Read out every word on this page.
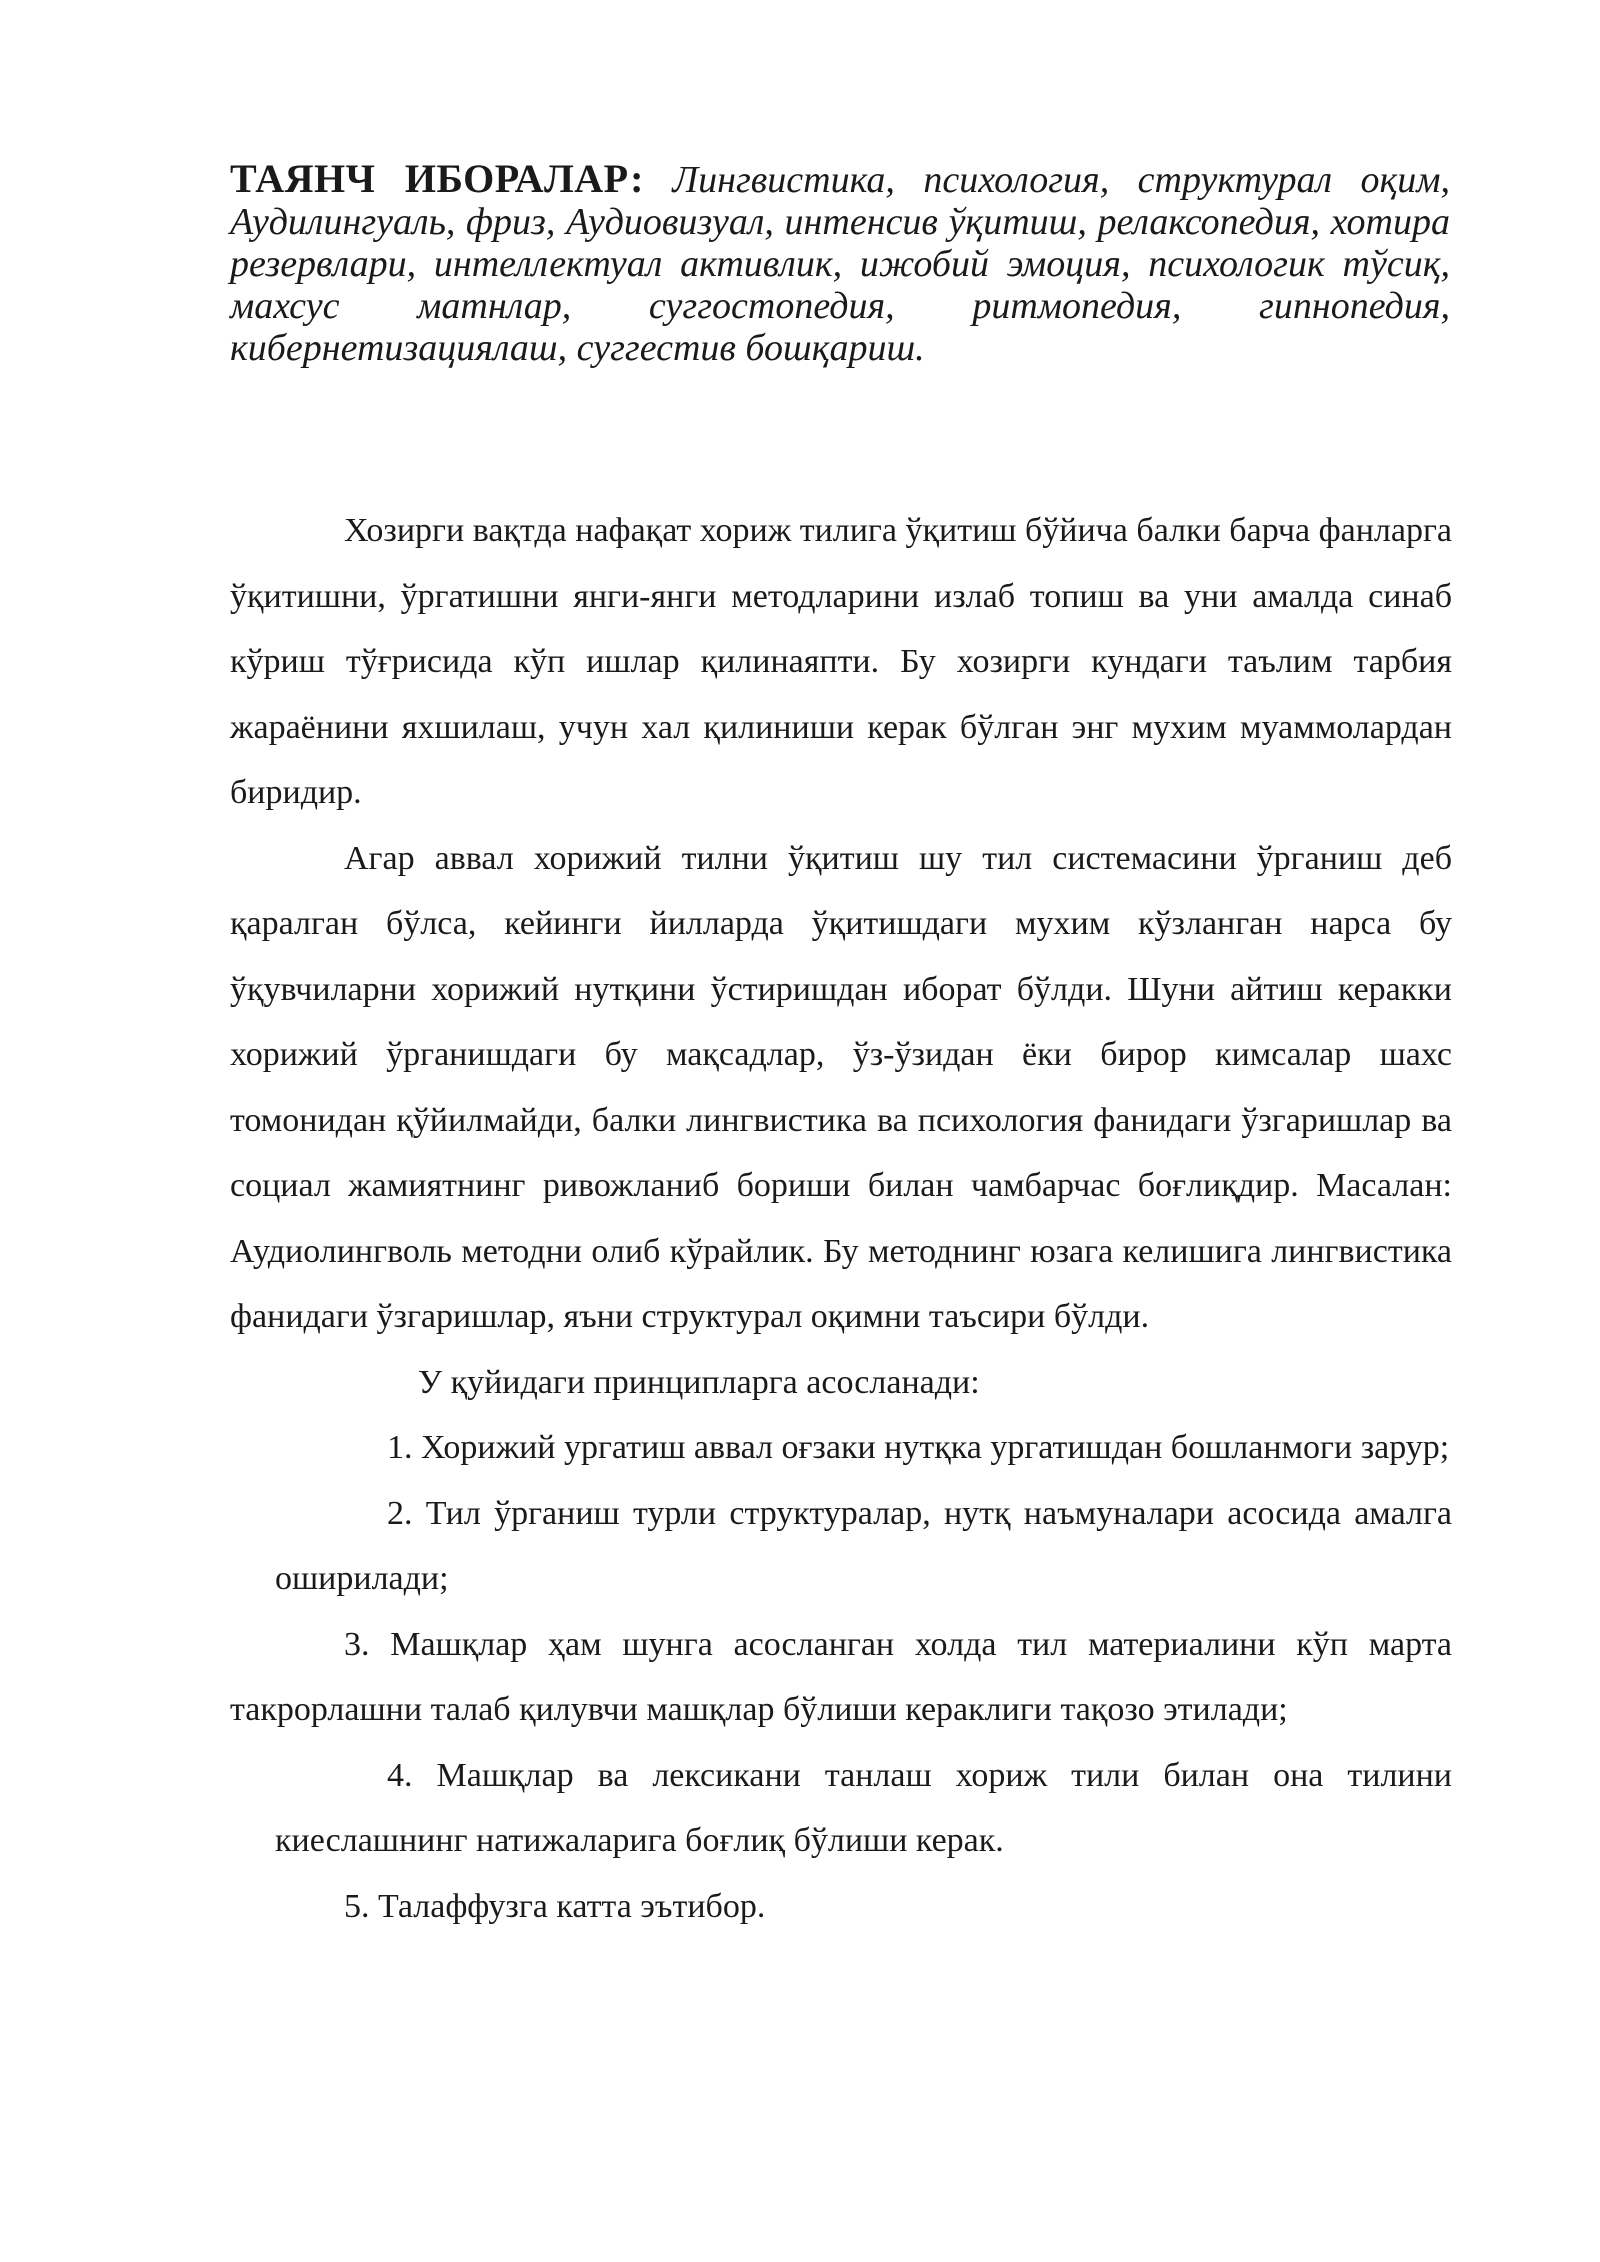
ТАЯНЧ ИБОРАЛАР: Лингвистика, психология, структурал оқим, Аудилингуаль, фриз, Аудиовизуал, интенсив ўқитиш, релаксопедия, хотира резервлари, интеллектуал активлик, ижобий эмоция, психологик тўсиқ, махсус матнлар, суггостопедия, ритмопедия, гипнопедия, кибернетизациялаш, суггестив бошқариш.

Хозирги вақтда нафақат хориж тилига ўқитиш бўйича балки барча фанларга ўқитишни, ўргатишни янги-янги методларини излаб топиш ва уни амалда синаб кўриш тўғрисида кўп ишлар қилинаяпти. Бу хозирги кундаги таълим тарбия жараёнини яхшилаш, учун хал қилиниши керак бўлган энг мухим муаммолардан биридир.

Агар аввал хорижий тилни ўқитиш шу тил системасини ўрганиш деб қаралган бўлса, кейинги йилларда ўқитишдаги мухим кўзланган нарса бу ўқувчиларни хорижий нутқини ўстиришдан иборат бўлди. Шуни айтиш керакки хорижий ўрганишдаги бу мақсадлар, ўз-ўзидан ёки бирор кимсалар шахс томонидан қўйилмайди, балки лингвистика ва психология фанидаги ўзгаришлар ва социал жамиятнинг ривожланиб бориши билан чамбарчас боғлиқдир. Масалан: Аудиолингволь методни олиб кўрайлик. Бу методнинг юзага келишига лингвистика фанидаги ўзгаришлар, яъни структурал оқимни таъсири бўлди.

У қуйидаги принципларга асосланади:

1. Хорижий ургатиш аввал оғзаки нутқка ургатишдан бошланмоги зарур;

2. Тил ўрганиш турли структуралар, нутқ наъмуналари асосида амалга оширилади;

3. Машқлар ҳам шунга асосланган холда тил материалини кўп марта такрорлашни талаб қилувчи машқлар бўлиши кераклиги тақозо этилади;

4. Машқлар ва лексикани танлаш хориж тили билан она тилини киеслашнинг натижаларига боғлиқ бўлиши керак.

5. Талаффузга катта эътибор.
